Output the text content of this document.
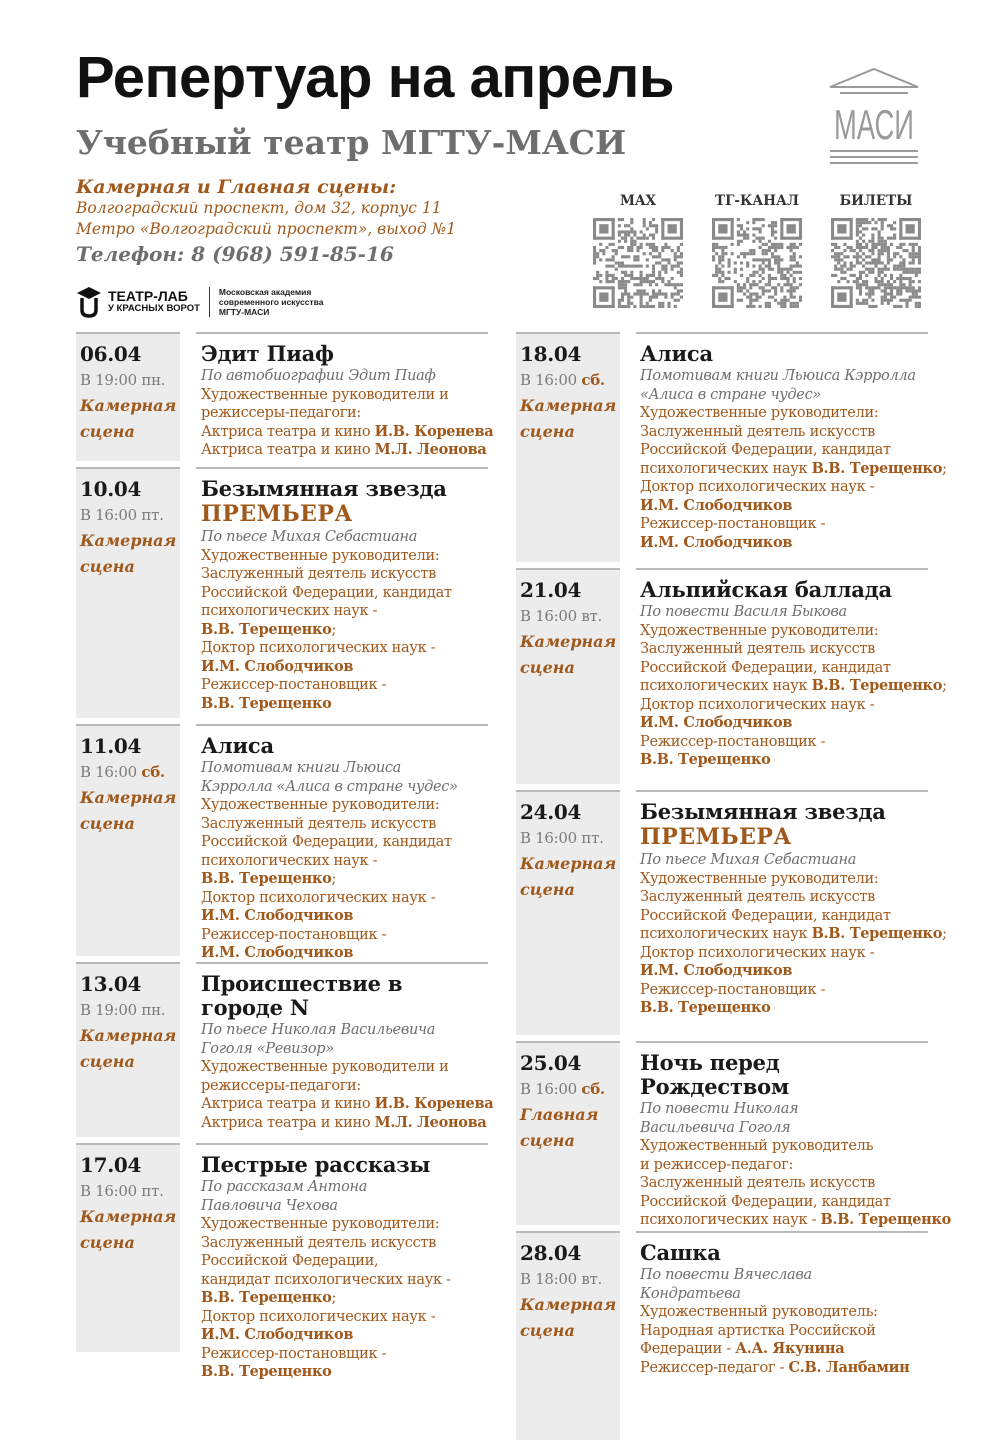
Репертуар на апрель
Учебный театр МГТУ-МАСИ	МАСИ
Камерная и Главная сцены:
Волгоградский проспект, дом 32, корпус 11
Метро «Волгоградский проспект», выход №1
Телефон: 8 (968) 591-85-16
MAX	ТГ-КАНАЛ	БИЛЕТЫ
ТЕАТР-ЛАБ
У КРАСНЫХ ВОРОТ
Московская академия
современного искусства
МГТУ-МАСИ
06.04
В 19:00 пн.
Камерная
сцена
Эдит Пиаф
По автобиографии Эдит Пиаф
Художественные руководители и
режиссеры-педагоги:
Актриса театра и кино И.В. Коренева
Актриса театра и кино М.Л. Леонова
10.04
В 16:00 пт.
Камерная
сцена
Безымянная звезда
ПРЕМЬЕРА
По пьесе Михая Себастиана
Художественные руководители:
Заслуженный деятель искусств
Российской Федерации, кандидат
психологических наук -
В.В. Терещенко;
Доктор психологических наук -
И.М. Слободчиков
Режиссер-постановщик -
В.В. Терещенко
11.04
В 16:00 сб.
Камерная
сцена
Алиса
Помотивам книги Льюиса
Кэрролла «Алиса в стране чудес»
Художественные руководители:
Заслуженный деятель искусств
Российской Федерации, кандидат
психологических наук -
В.В. Терещенко;
Доктор психологических наук -
И.М. Слободчиков
Режиссер-постановщик -
И.М. Слободчиков
13.04
В 19:00 пн.
Камерная
сцена
Происшествие в
городе N
По пьесе Николая Васильевича
Гоголя «Ревизор»
Художественные руководители и
режиссеры-педагоги:
Актриса театра и кино И.В. Коренева
Актриса театра и кино М.Л. Леонова
17.04
В 16:00 пт.
Камерная
сцена
Пестрые рассказы
По рассказам Антона
Павловича Чехова
Художественные руководители:
Заслуженный деятель искусств
Российской Федерации,
кандидат психологических наук -
В.В. Терещенко;
Доктор психологических наук -
И.М. Слободчиков
Режиссер-постановщик -
В.В. Терещенко
18.04
В 16:00 сб.
Камерная
сцена
Алиса
Помотивам книги Льюиса Кэрролла
«Алиса в стране чудес»
Художественные руководители:
Заслуженный деятель искусств
Российской Федерации, кандидат
психологических наук В.В. Терещенко;
Доктор психологических наук -
И.М. Слободчиков
Режиссер-постановщик -
И.М. Слободчиков
21.04
В 16:00 вт.
Камерная
сцена
Альпийская баллада
По повести Василя Быкова
Художественные руководители:
Заслуженный деятель искусств
Российской Федерации, кандидат
психологических наук В.В. Терещенко;
Доктор психологических наук -
И.М. Слободчиков
Режиссер-постановщик -
В.В. Терещенко
24.04
В 16:00 пт.
Камерная
сцена
Безымянная звезда
ПРЕМЬЕРА
По пьесе Михая Себастиана
Художественные руководители:
Заслуженный деятель искусств
Российской Федерации, кандидат
психологических наук В.В. Терещенко;
Доктор психологических наук -
И.М. Слободчиков
Режиссер-постановщик -
В.В. Терещенко
25.04
В 16:00 сб.
Главная
сцена
Ночь перед Рождеством
По повести Николая
Васильевича Гоголя
Художественный руководитель
и режиссер-педагог:
Заслуженный деятель искусств
Российской Федерации, кандидат
психологических наук - В.В. Терещенко
28.04
В 18:00 вт.
Камерная
сцена
Сашка
По повести Вячеслава
Кондратьева
Художественный руководитель:
Народная артистка Российской
Федерации - А.А. Якунина
Режиссер-педагог - С.В. Ланбамин
